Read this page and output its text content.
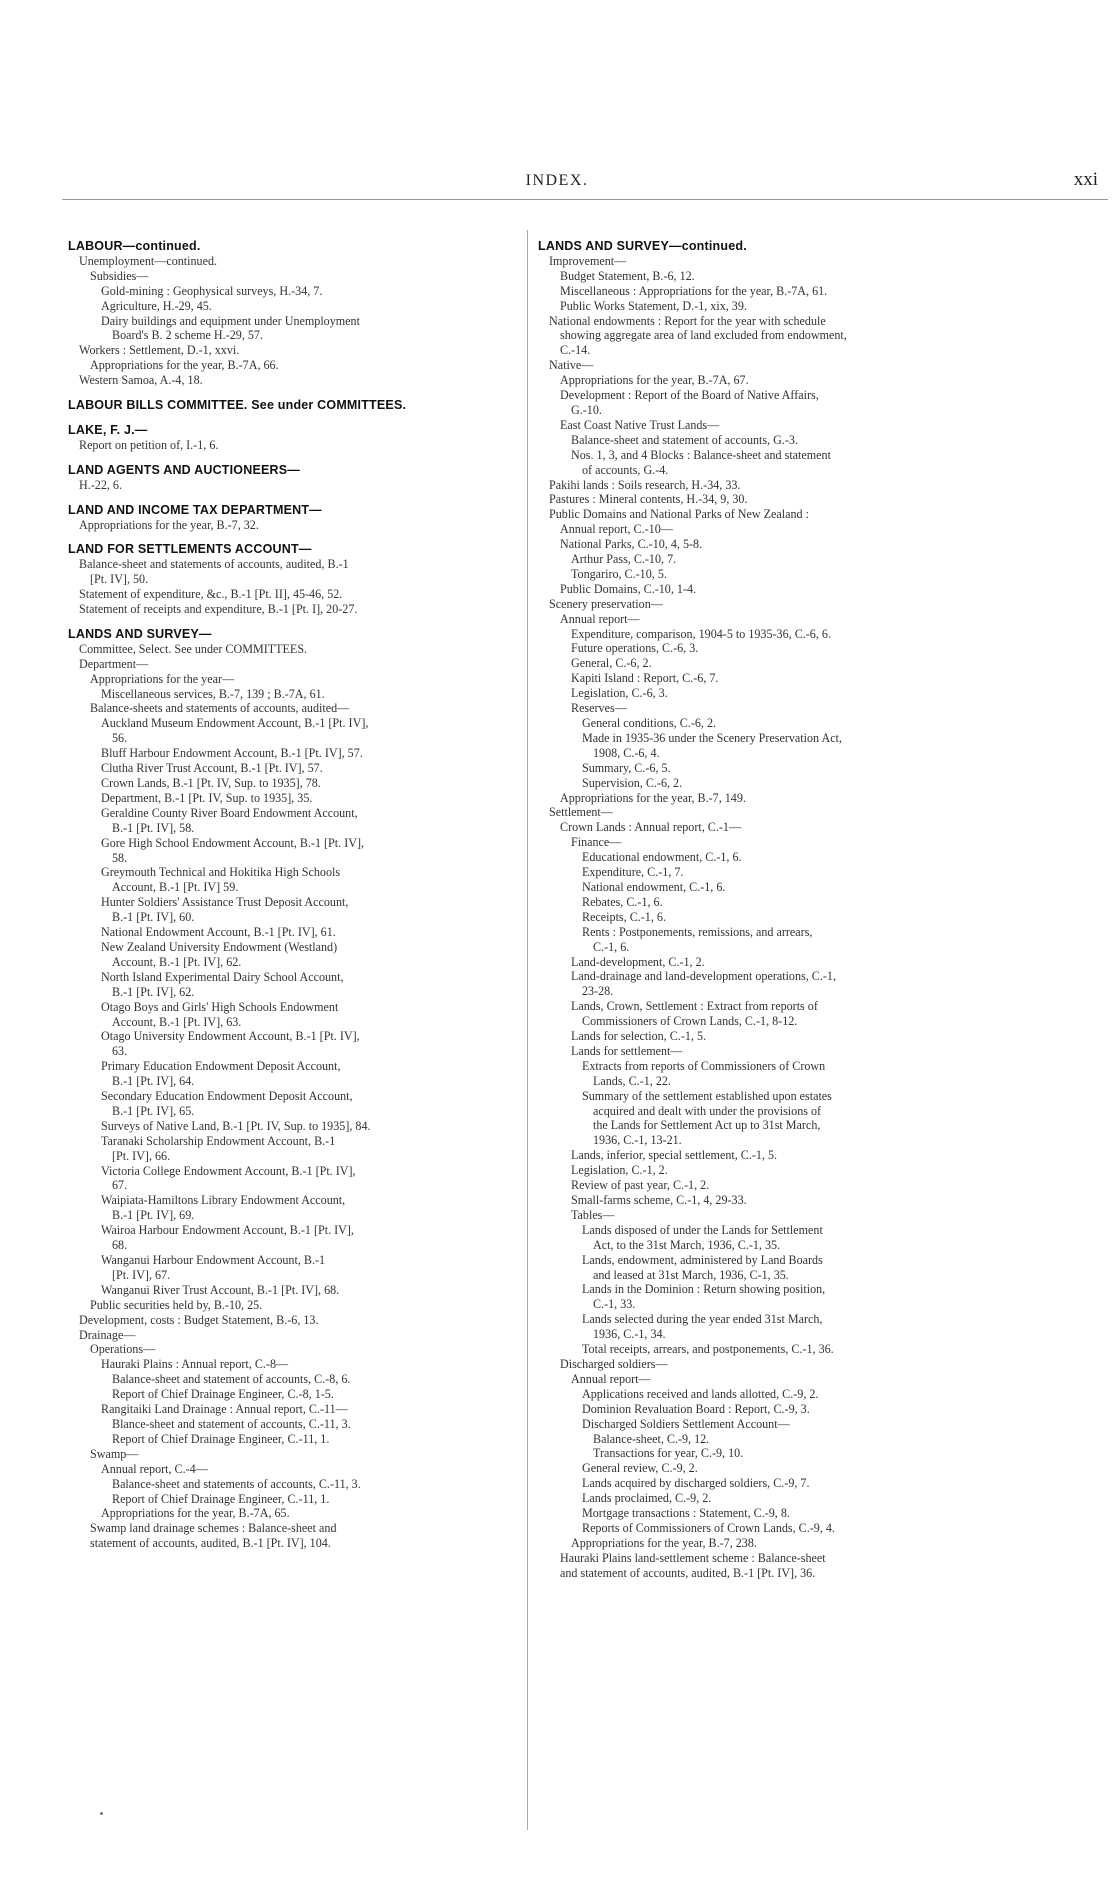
INDEX.	xxi
LABOUR—continued.
Unemployment—continued.
Subsidies—
Gold-mining : Geophysical surveys, H.-34, 7.
Agriculture, H.-29, 45.
Dairy buildings and equipment under Unemployment
Board's B. 2 scheme H.-29, 57.
Workers : Settlement, D.-1, xxvi.
Appropriations for the year, B.-7A, 66.
Western Samoa, A.-4, 18.
LABOUR BILLS COMMITTEE. See under COMMITTEES.
LAKE, F. J.—
Report on petition of, I.-1, 6.
LAND AGENTS AND AUCTIONEERS—
H.-22, 6.
LAND AND INCOME TAX DEPARTMENT—
Appropriations for the year, B.-7, 32.
LAND FOR SETTLEMENTS ACCOUNT—
Balance-sheet and statements of accounts, audited, B.-1
[Pt. IV], 50.
Statement of expenditure, &c., B.-1 [Pt. II], 45-46, 52.
Statement of receipts and expenditure, B.-1 [Pt. I], 20-27.
LANDS AND SURVEY—
Committee, Select. See under COMMITTEES.
Department—
Appropriations for the year—
Miscellaneous services, B.-7, 139 ; B.-7A, 61.
Balance-sheets and statements of accounts, audited—
Auckland Museum Endowment Account, B.-1 [Pt. IV],
56.
Bluff Harbour Endowment Account, B.-1 [Pt. IV], 57.
Clutha River Trust Account, B.-1 [Pt. IV], 57.
Crown Lands, B.-1 [Pt. IV, Sup. to 1935], 78.
Department, B.-1 [Pt. IV, Sup. to 1935], 35.
Geraldine County River Board Endowment Account,
B.-1 [Pt. IV], 58.
Gore High School Endowment Account, B.-1 [Pt. IV],
58.
Greymouth Technical and Hokitika High Schools
Account, B.-1 [Pt. IV] 59.
Hunter Soldiers' Assistance Trust Deposit Account,
B.-1 [Pt. IV], 60.
National Endowment Account, B.-1 [Pt. IV], 61.
New Zealand University Endowment (Westland)
Account, B.-1 [Pt. IV], 62.
North Island Experimental Dairy School Account,
B.-1 [Pt. IV], 62.
Otago Boys and Girls' High Schools Endowment
Account, B.-1 [Pt. IV], 63.
Otago University Endowment Account, B.-1 [Pt. IV],
63.
Primary Education Endowment Deposit Account,
B.-1 [Pt. IV], 64.
Secondary Education Endowment Deposit Account,
B.-1 [Pt. IV], 65.
Surveys of Native Land, B.-1 [Pt. IV, Sup. to 1935], 84.
Taranaki Scholarship Endowment Account, B.-1
[Pt. IV], 66.
Victoria College Endowment Account, B.-1 [Pt. IV],
67.
Waipiata-Hamiltons Library Endowment Account,
B.-1 [Pt. IV], 69.
Wairoa Harbour Endowment Account, B.-1 [Pt. IV],
68.
Wanganui Harbour Endowment Account, B.-1
[Pt. IV], 67.
Wanganui River Trust Account, B.-1 [Pt. IV], 68.
Public securities held by, B.-10, 25.
Development, costs : Budget Statement, B.-6, 13.
Drainage—
Operations—
Hauraki Plains : Annual report, C.-8—
Balance-sheet and statement of accounts, C.-8, 6.
Report of Chief Drainage Engineer, C.-8, 1-5.
Rangitaiki Land Drainage : Annual report, C.-11—
Blance-sheet and statement of accounts, C.-11, 3.
Report of Chief Drainage Engineer, C.-11, 1.
Swamp—
Annual report, C.-4—
Balance-sheet and statements of accounts, C.-11, 3.
Report of Chief Drainage Engineer, C.-11, 1.
Appropriations for the year, B.-7A, 65.
Swamp land drainage schemes : Balance-sheet and
statement of accounts, audited, B.-1 [Pt. IV], 104.
LANDS AND SURVEY—continued.
Improvement—
Budget Statement, B.-6, 12.
Miscellaneous : Appropriations for the year, B.-7A, 61.
Public Works Statement, D.-1, xix, 39.
National endowments : Report for the year with schedule
showing aggregate area of land excluded from endowment,
C.-14.
Native—
Appropriations for the year, B.-7A, 67.
Development : Report of the Board of Native Affairs,
G.-10.
East Coast Native Trust Lands—
Balance-sheet and statement of accounts, G.-3.
Nos. 1, 3, and 4 Blocks : Balance-sheet and statement
of accounts, G.-4.
Pakihi lands : Soils research, H.-34, 33.
Pastures : Mineral contents, H.-34, 9, 30.
Public Domains and National Parks of New Zealand :
Annual report, C.-10—
National Parks, C.-10, 4, 5-8.
Arthur Pass, C.-10, 7.
Tongariro, C.-10, 5.
Public Domains, C.-10, 1-4.
Scenery preservation—
Annual report—
Expenditure, comparison, 1904-5 to 1935-36, C.-6, 6.
Future operations, C.-6, 3.
General, C.-6, 2.
Kapiti Island : Report, C.-6, 7.
Legislation, C.-6, 3.
Reserves—
General conditions, C.-6, 2.
Made in 1935-36 under the Scenery Preservation Act,
1908, C.-6, 4.
Summary, C.-6, 5.
Supervision, C.-6, 2.
Appropriations for the year, B.-7, 149.
Settlement—
Crown Lands : Annual report, C.-1—
Finance—
Educational endowment, C.-1, 6.
Expenditure, C.-1, 7.
National endowment, C.-1, 6.
Rebates, C.-1, 6.
Receipts, C.-1, 6.
Rents : Postponements, remissions, and arrears,
C.-1, 6.
Land-development, C.-1, 2.
Land-drainage and land-development operations, C.-1,
23-28.
Lands, Crown, Settlement : Extract from reports of
Commissioners of Crown Lands, C.-1, 8-12.
Lands for selection, C.-1, 5.
Lands for settlement—
Extracts from reports of Commissioners of Crown
Lands, C.-1, 22.
Summary of the settlement established upon estates
acquired and dealt with under the provisions of
the Lands for Settlement Act up to 31st March,
1936, C.-1, 13-21.
Lands, inferior, special settlement, C.-1, 5.
Legislation, C.-1, 2.
Review of past year, C.-1, 2.
Small-farms scheme, C.-1, 4, 29-33.
Tables—
Lands disposed of under the Lands for Settlement
Act, to the 31st March, 1936, C.-1, 35.
Lands, endowment, administered by Land Boards
and leased at 31st March, 1936, C-1, 35.
Lands in the Dominion : Return showing position,
C.-1, 33.
Lands selected during the year ended 31st March,
1936, C.-1, 34.
Total receipts, arrears, and postponements, C.-1, 36.
Discharged soldiers—
Annual report—
Applications received and lands allotted, C.-9, 2.
Dominion Revaluation Board : Report, C.-9, 3.
Discharged Soldiers Settlement Account—
Balance-sheet, C.-9, 12.
Transactions for year, C.-9, 10.
General review, C.-9, 2.
Lands acquired by discharged soldiers, C.-9, 7.
Lands proclaimed, C.-9, 2.
Mortgage transactions : Statement, C.-9, 8.
Reports of Commissioners of Crown Lands, C.-9, 4.
Appropriations for the year, B.-7, 238.
Hauraki Plains land-settlement scheme : Balance-sheet
and statement of accounts, audited, B.-1 [Pt. IV], 36.
